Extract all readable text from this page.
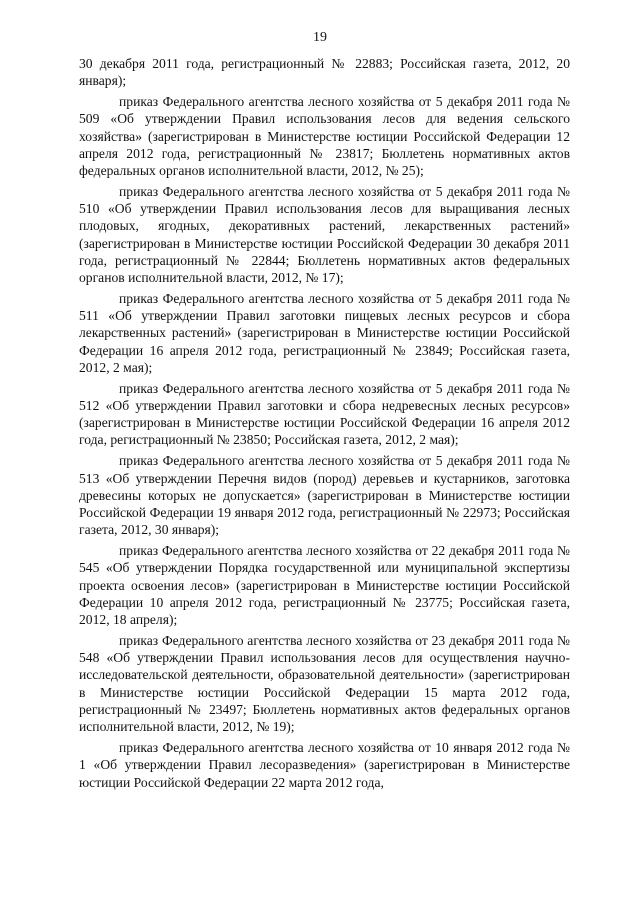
19

30 декабря 2011 года, регистрационный № 22883; Российская газета, 2012, 20 января);

приказ Федерального агентства лесного хозяйства от 5 декабря 2011 года № 509 «Об утверждении Правил использования лесов для ведения сельского хозяйства» (зарегистрирован в Министерстве юстиции Российской Федерации 12 апреля 2012 года, регистрационный № 23817; Бюллетень нормативных актов федеральных органов исполнительной власти, 2012, № 25);

приказ Федерального агентства лесного хозяйства от 5 декабря 2011 года № 510 «Об утверждении Правил использования лесов для выращивания лесных плодовых, ягодных, декоративных растений, лекарственных растений» (зарегистрирован в Министерстве юстиции Российской Федерации 30 декабря 2011 года, регистрационный № 22844; Бюллетень нормативных актов федеральных органов исполнительной власти, 2012, № 17);

приказ Федерального агентства лесного хозяйства от 5 декабря 2011 года № 511 «Об утверждении Правил заготовки пищевых лесных ресурсов и сбора лекарственных растений» (зарегистрирован в Министерстве юстиции Российской Федерации 16 апреля 2012 года, регистрационный № 23849; Российская газета, 2012, 2 мая);

приказ Федерального агентства лесного хозяйства от 5 декабря 2011 года № 512 «Об утверждении Правил заготовки и сбора недревесных лесных ресурсов» (зарегистрирован в Министерстве юстиции Российской Федерации 16 апреля 2012 года, регистрационный № 23850; Российская газета, 2012, 2 мая);

приказ Федерального агентства лесного хозяйства от 5 декабря 2011 года № 513 «Об утверждении Перечня видов (пород) деревьев и кустарников, заготовка древесины которых не допускается» (зарегистрирован в Министерстве юстиции Российской Федерации 19 января 2012 года, регистрационный № 22973; Российская газета, 2012, 30 января);

приказ Федерального агентства лесного хозяйства от 22 декабря 2011 года № 545 «Об утверждении Порядка государственной или муниципальной экспертизы проекта освоения лесов» (зарегистрирован в Министерстве юстиции Российской Федерации 10 апреля 2012 года, регистрационный № 23775; Российская газета, 2012, 18 апреля);

приказ Федерального агентства лесного хозяйства от 23 декабря 2011 года № 548 «Об утверждении Правил использования лесов для осуществления научно-исследовательской деятельности, образовательной деятельности» (зарегистрирован в Министерстве юстиции Российской Федерации 15 марта 2012 года, регистрационный № 23497; Бюллетень нормативных актов федеральных органов исполнительной власти, 2012, № 19);

приказ Федерального агентства лесного хозяйства от 10 января 2012 года № 1 «Об утверждении Правил лесоразведения» (зарегистрирован в Министерстве юстиции Российской Федерации 22 марта 2012 года,
